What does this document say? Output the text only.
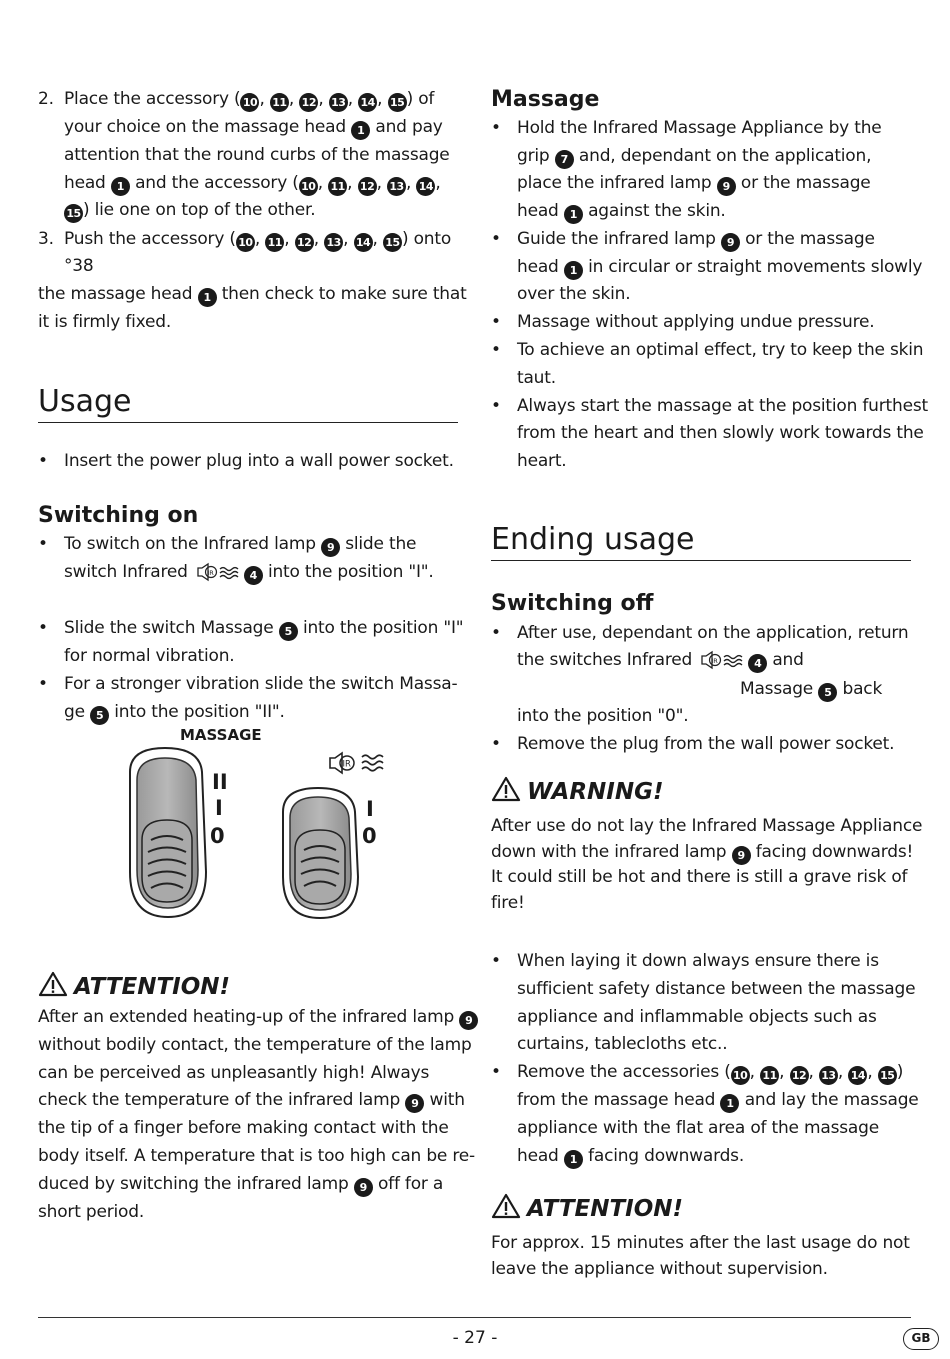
2. Place the accessory ( 10 , 11 , 12 , 13 , 14 , 15 ) of
your choice on the massage head 1 and pay
attention that the round curbs of the massage
head 1 and the accessory ( 10 , 11 , 12 , 13 , 14 ,
15 ) lie one on top of the other.
3. Push the accessory ( 10 , 11 , 12 , 13 , 14 , 15 ) onto
°38
the massage head 1 then check to make sure that
it is firmly fixed.
Usage
• Insert the power plug into a wall power socket.
Switching on
• To switch on the Infrared lamp 9 slide the
switch Infrared	IR	4 into the position "I".
• Slide the switch Massage 5 into the position "I"
for normal vibration.
• For a stronger vibration slide the switch Massa-
ge 5 into the position "II".
ATTENTION!
After an extended heating-up of the infrared lamp 9
without bodily contact, the temperature of the lamp
can be perceived as unpleasantly high! Always
check the temperature of the infrared lamp 9 with
the tip of a finger before making contact with the
body itself. A temperature that is too high can be re-
duced by switching the infrared lamp 9 off for a
short period.
MASSAGE
II
I
0
IR
I
0
Massage
• Hold the Infrared Massage Appliance by the
grip 7 and, dependant on the application,
place the infrared lamp 9 or the massage
head 1 against the skin.
• Guide the infrared lamp 9 or the massage
head 1 in circular or straight movements slowly
over the skin.
• Massage without applying undue pressure.
• To achieve an optimal effect, try to keep the skin
taut.
• Always start the massage at the position furthest
from the heart and then slowly work towards the
heart.
Ending usage
Switching off
• After use, dependant on the application, return
the switches Infrared	IR	4 and
Massage 5 back
into the position "0".
• Remove the plug from the wall power socket.
WARNING!
After use do not lay the Infrared Massage Appliance
down with the infrared lamp 9 facing downwards!
It could still be hot and there is still a grave risk of
fire!
• When laying it down always ensure there is
sufficient safety distance between the massage
appliance and inflammable objects such as
curtains, tablecloths etc..
• Remove the accessories ( 10 , 11 , 12 , 13 , 14 , 15 )
from the massage head 1 and lay the massage
appliance with the flat area of the massage
head 1 facing downwards.
ATTENTION!
For approx. 15 minutes after the last usage do not
leave the appliance without supervision.
- 27 -	GB
